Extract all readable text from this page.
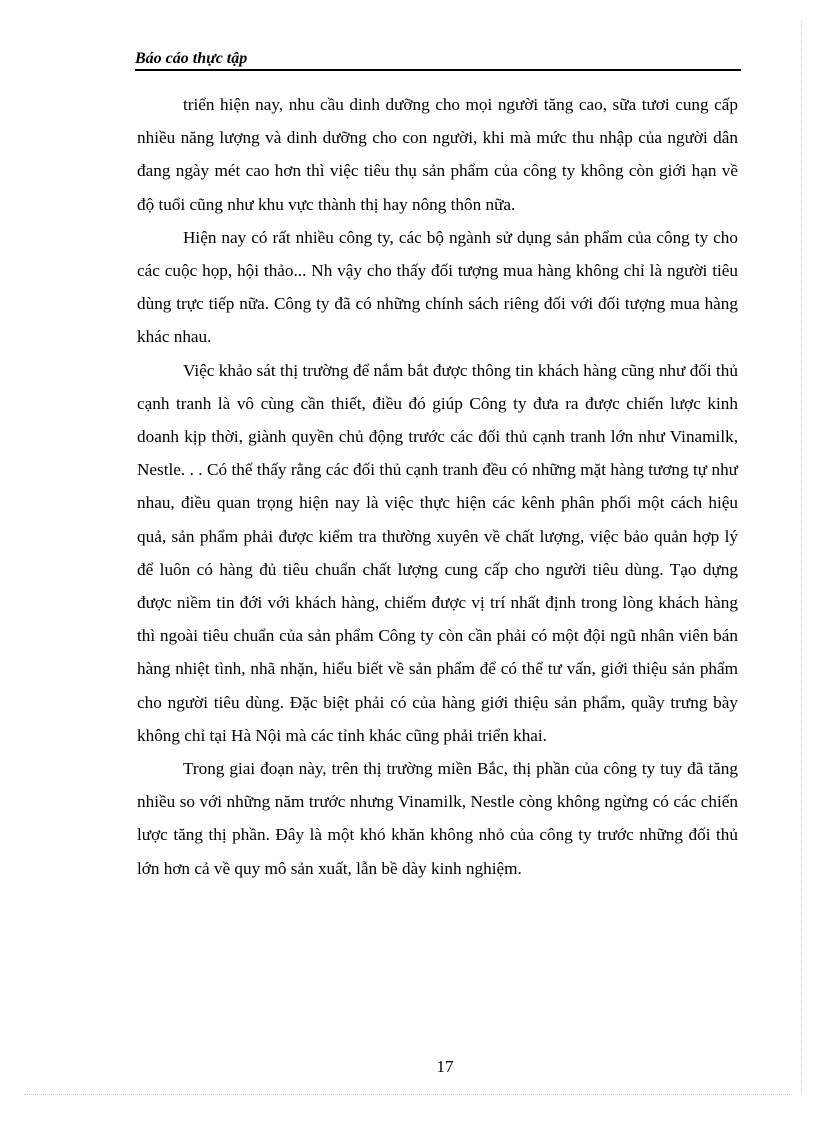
Báo cáo thực tập

triển hiện nay, nhu cầu dinh dưỡng cho mọi người tăng cao, sữa tươi cung cấp nhiều năng lượng và dinh dưỡng cho con người, khi mà mức thu nhập của người dân đang ngày mét cao hơn thì việc tiêu thụ sản phẩm của công ty không còn giới hạn về độ tuổi cũng như khu vực thành thị hay nông thôn nữa.

Hiện nay có rất nhiều công ty, các bộ ngành sử dụng sản phẩm của công ty cho các cuộc họp, hội thảo... Nh vậy cho thấy đối tượng mua hàng không chỉ là người tiêu dùng trực tiếp nữa. Công ty đã có những chính sách riêng đối với đối tượng mua hàng khác nhau.

Việc khảo sát thị trường để nắm bắt được thông tin khách hàng cũng như đối thủ cạnh tranh là vô cùng cần thiết, điều đó giúp Công ty đưa ra được chiến lược kinh doanh kịp thời, giành quyền chủ động trước các đối thủ cạnh tranh lớn như Vinamilk, Nestle. . . Có thể thấy rằng các đối thủ cạnh tranh đều có những mặt hàng tương tự như nhau, điều quan trọng hiện nay là việc thực hiện các kênh phân phối một cách hiệu quả, sản phẩm phải được kiểm tra thường xuyên về chất lượng, việc bảo quản hợp lý để luôn có hàng đủ tiêu chuẩn chất lượng cung cấp cho người tiêu dùng. Tạo dựng được niềm tin đới với khách hàng, chiếm được vị trí nhất định trong lòng khách hàng thì ngoài tiêu chuẩn của sản phẩm Công ty còn cần phải có một đội ngũ nhân viên bán hàng nhiệt tình, nhã nhặn, hiểu biết về sản phẩm để có thể tư vấn, giới thiệu sản phẩm cho người tiêu dùng. Đặc biệt phải có của hàng giới thiệu sản phẩm, quầy trưng bày không chỉ tại Hà Nội mà các tỉnh khác cũng phải triển khai.

Trong giai đoạn này, trên thị trường miền Bắc, thị phần của công ty tuy đã tăng nhiều so với những năm trước nhưng Vinamilk, Nestle còng không ngừng có các chiến lược tăng thị phần. Đây là một khó khăn không nhỏ của công ty trước những đối thủ lớn hơn cả về quy mô sản xuất, lẫn bề dày kinh nghiệm.

17
